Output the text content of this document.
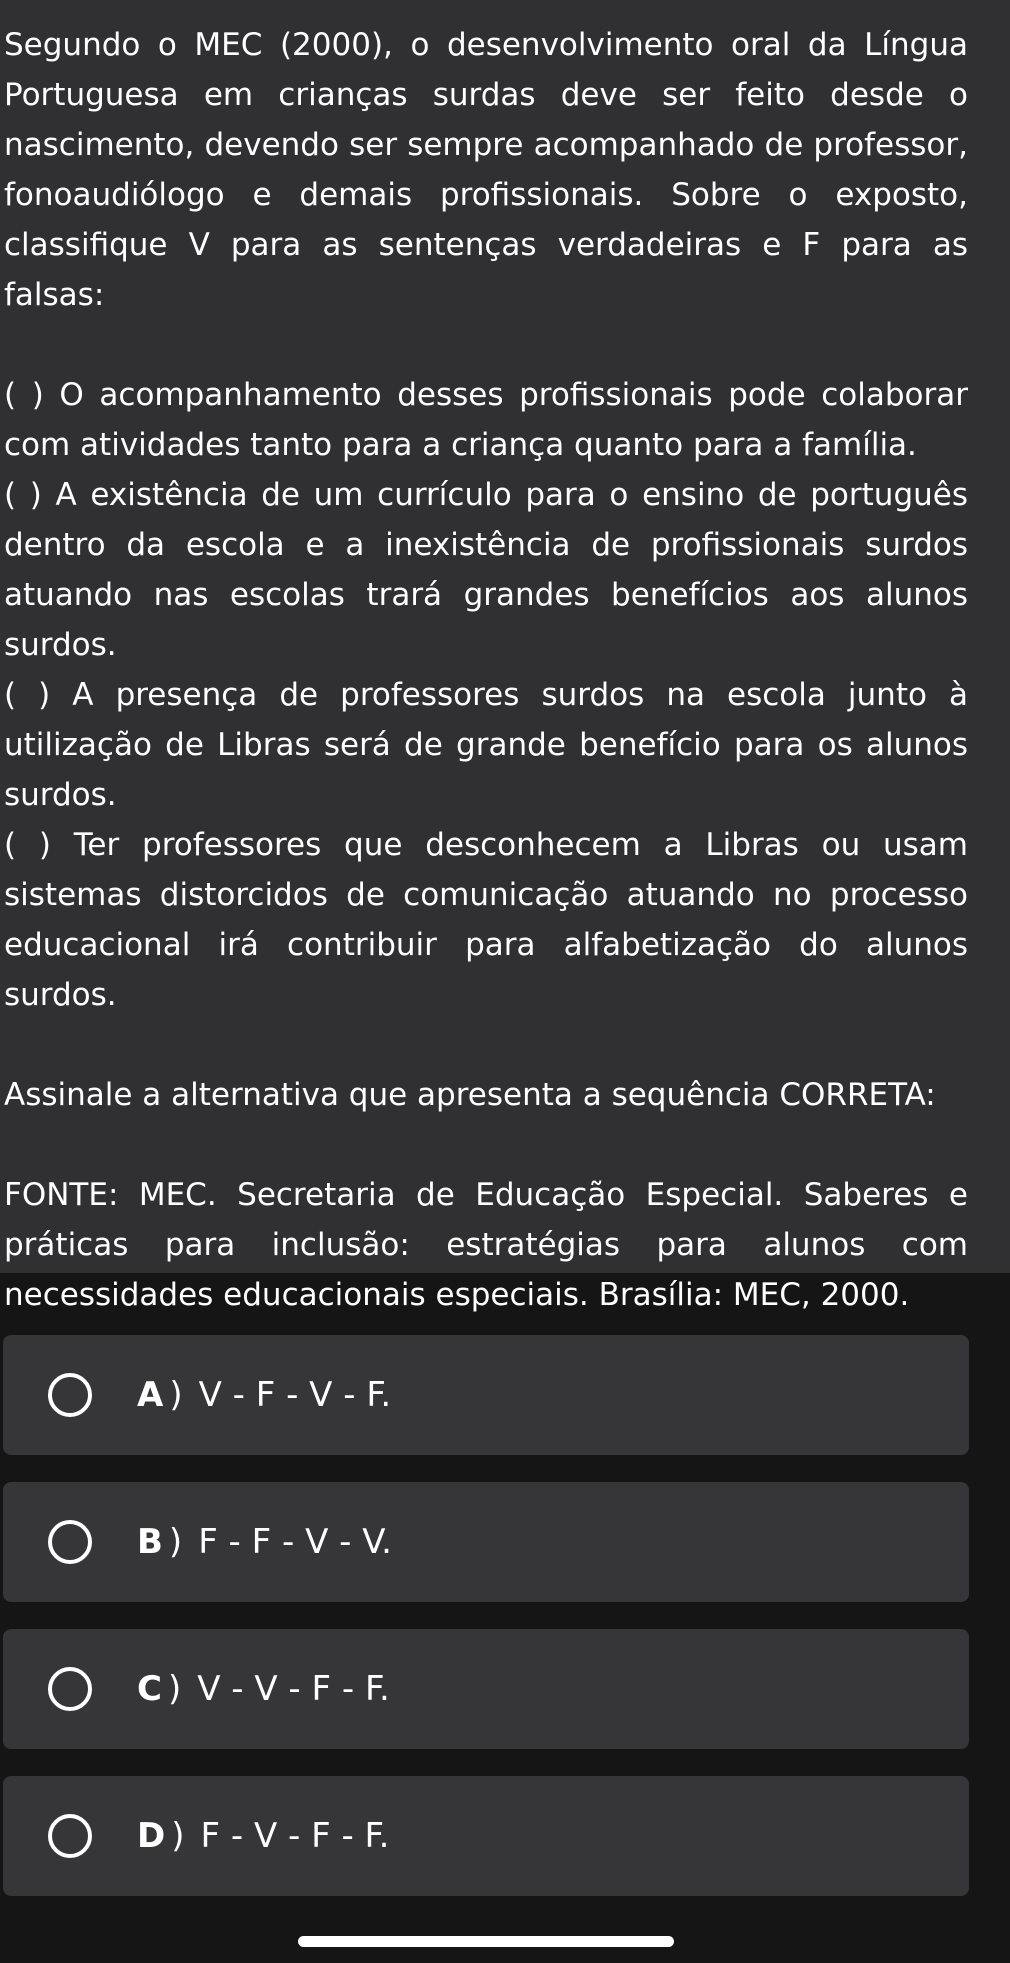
Segundo o MEC (2000), o desenvolvimento oral da Língua Portuguesa em crianças surdas deve ser feito desde o nascimento, devendo ser sempre acompanhado de professor, fonoaudiólogo e demais profissionais. Sobre o exposto, classifique V para as sentenças verdadeiras e F para as falsas:

( ) O acompanhamento desses profissionais pode colaborar com atividades tanto para a criança quanto para a família.

( ) A existência de um currículo para o ensino de português dentro da escola e a inexistência de profissionais surdos atuando nas escolas trará grandes benefícios aos alunos surdos.

( ) A presença de professores surdos na escola junto à utilização de Libras será de grande benefício para os alunos surdos.

( ) Ter professores que desconhecem a Libras ou usam sistemas distorcidos de comunicação atuando no processo educacional irá contribuir para alfabetização do alunos surdos.

Assinale a alternativa que apresenta a sequência CORRETA:

FONTE: MEC. Secretaria de Educação Especial. Saberes e práticas para inclusão: estratégias para alunos com necessidades educacionais especiais. Brasília: MEC, 2000.

A ) V - F - V - F.
B ) F - F - V - V.
C ) V - V - F - F.
D ) F - V - F - F.
